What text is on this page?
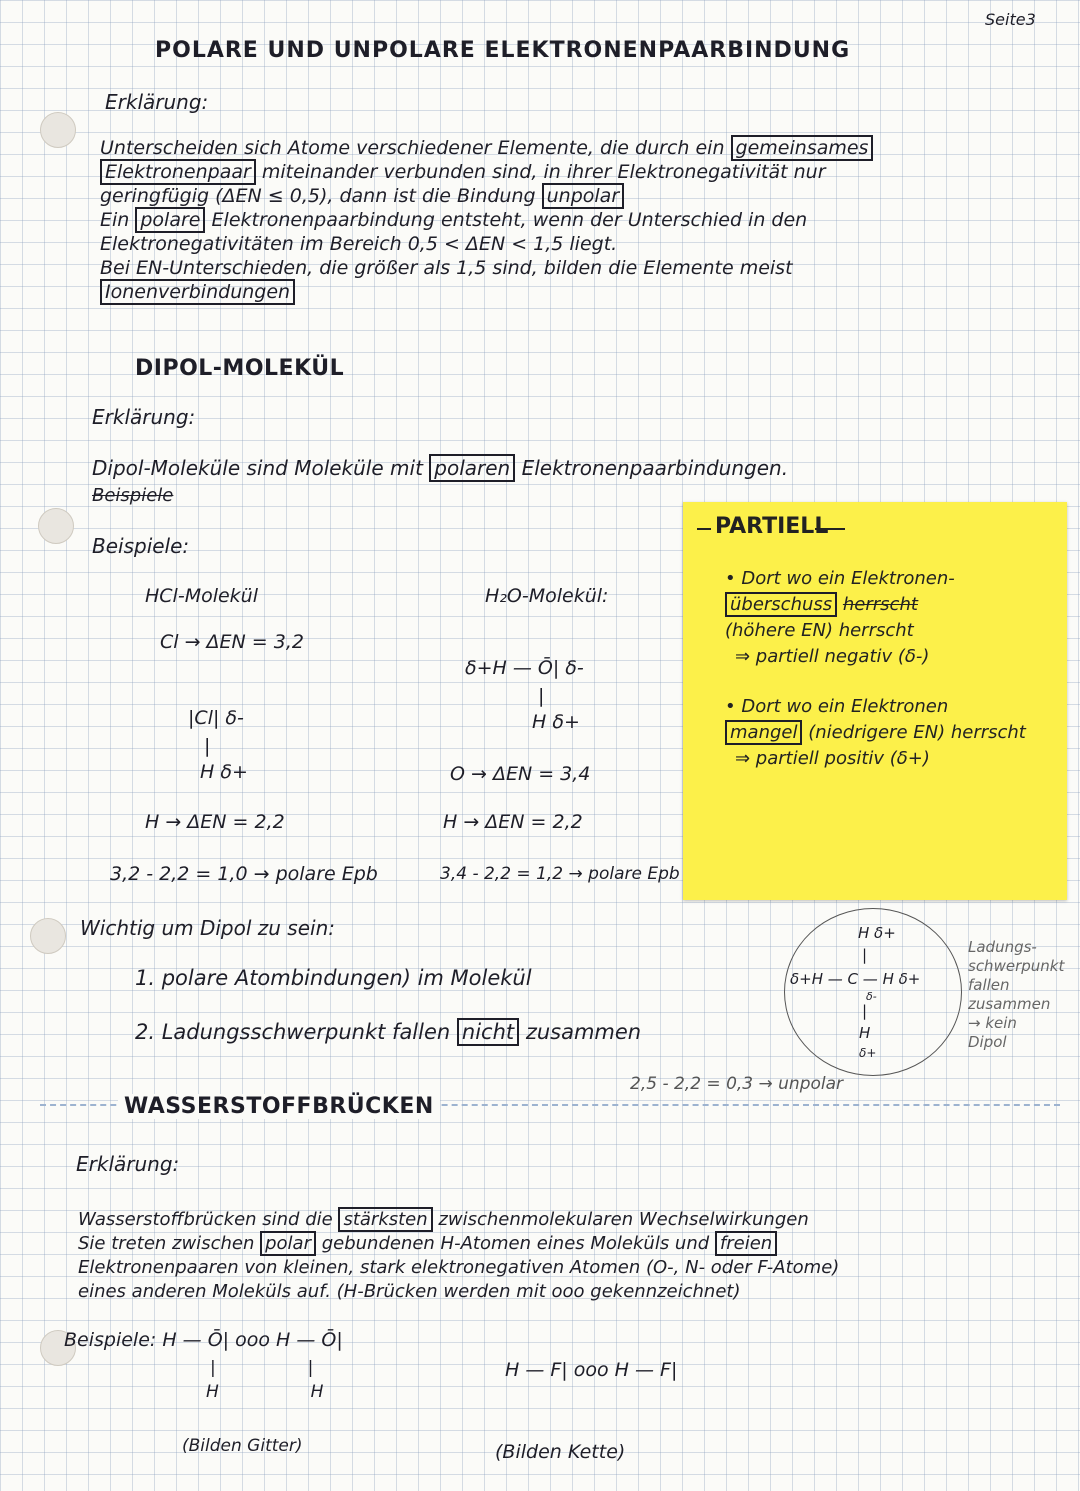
Seite3
POLARE UND UNPOLARE ELEKTRONENPAARBINDUNG
Erklärung:
Unterscheiden sich Atome verschiedener Elemente, die durch ein gemeinsames
Elektronenpaar miteinander verbunden sind, in ihrer Elektronegativität nur
geringfügig (ΔEN ≤ 0,5), dann ist die Bindung unpolar
Ein polare Elektronenpaarbindung entsteht, wenn der Unterschied in den
Elektronegativitäten im Bereich 0,5 < ΔEN < 1,5 liegt.
Bei EN-Unterschieden, die größer als 1,5 sind, bilden die Elemente meist
Ionenverbindungen
DIPOL-MOLEKÜL
Erklärung:
Dipol-Moleküle sind Moleküle mit polaren Elektronenpaarbindungen.
Beispiele
Beispiele:
HCl-Molekül
Cl → ΔEN = 3,2
|Cl| δ-
|
H δ+
H → ΔEN = 2,2
3,2 - 2,2 = 1,0 → polare Epb
H₂O-Molekül:
δ+H — Ō| δ-
|
H δ+
O → ΔEN = 3,4
H → ΔEN = 2,2
3,4 - 2,2 = 1,2 → polare Epb
PARTIELL
• Dort wo ein Elektronen-
überschuss herrscht
(höhere EN) herrscht
⇒ partiell negativ (δ-)
• Dort wo ein Elektronen
mangel (niedrigere EN) herrscht
⇒ partiell positiv (δ+)
Wichtig um Dipol zu sein:
1. polare Atombindungen) im Molekül
2. Ladungsschwerpunkt fallen nicht zusammen
H δ+
|
δ+H — C — H δ+
δ-
|
H
δ+
2,5 - 2,2 = 0,3 → unpolar
Ladungs-
schwerpunkt
fallen
zusammen
→ kein
Dipol
WASSERSTOFFBRÜCKEN
Erklärung:
Wasserstoffbrücken sind die stärksten zwischenmolekularen Wechselwirkungen
Sie treten zwischen polar gebundenen H-Atomen eines Moleküls und freien
Elektronenpaaren von kleinen, stark elektronegativen Atomen (O-, N- oder F-Atome)
eines anderen Moleküls auf. (H-Brücken werden mit ooo gekennzeichnet)
Beispiele: H — Ō| ooo H — Ō|
|                 |
H                 H
(Bilden Gitter)
H — F| ooo H — F|
(Bilden Kette)
